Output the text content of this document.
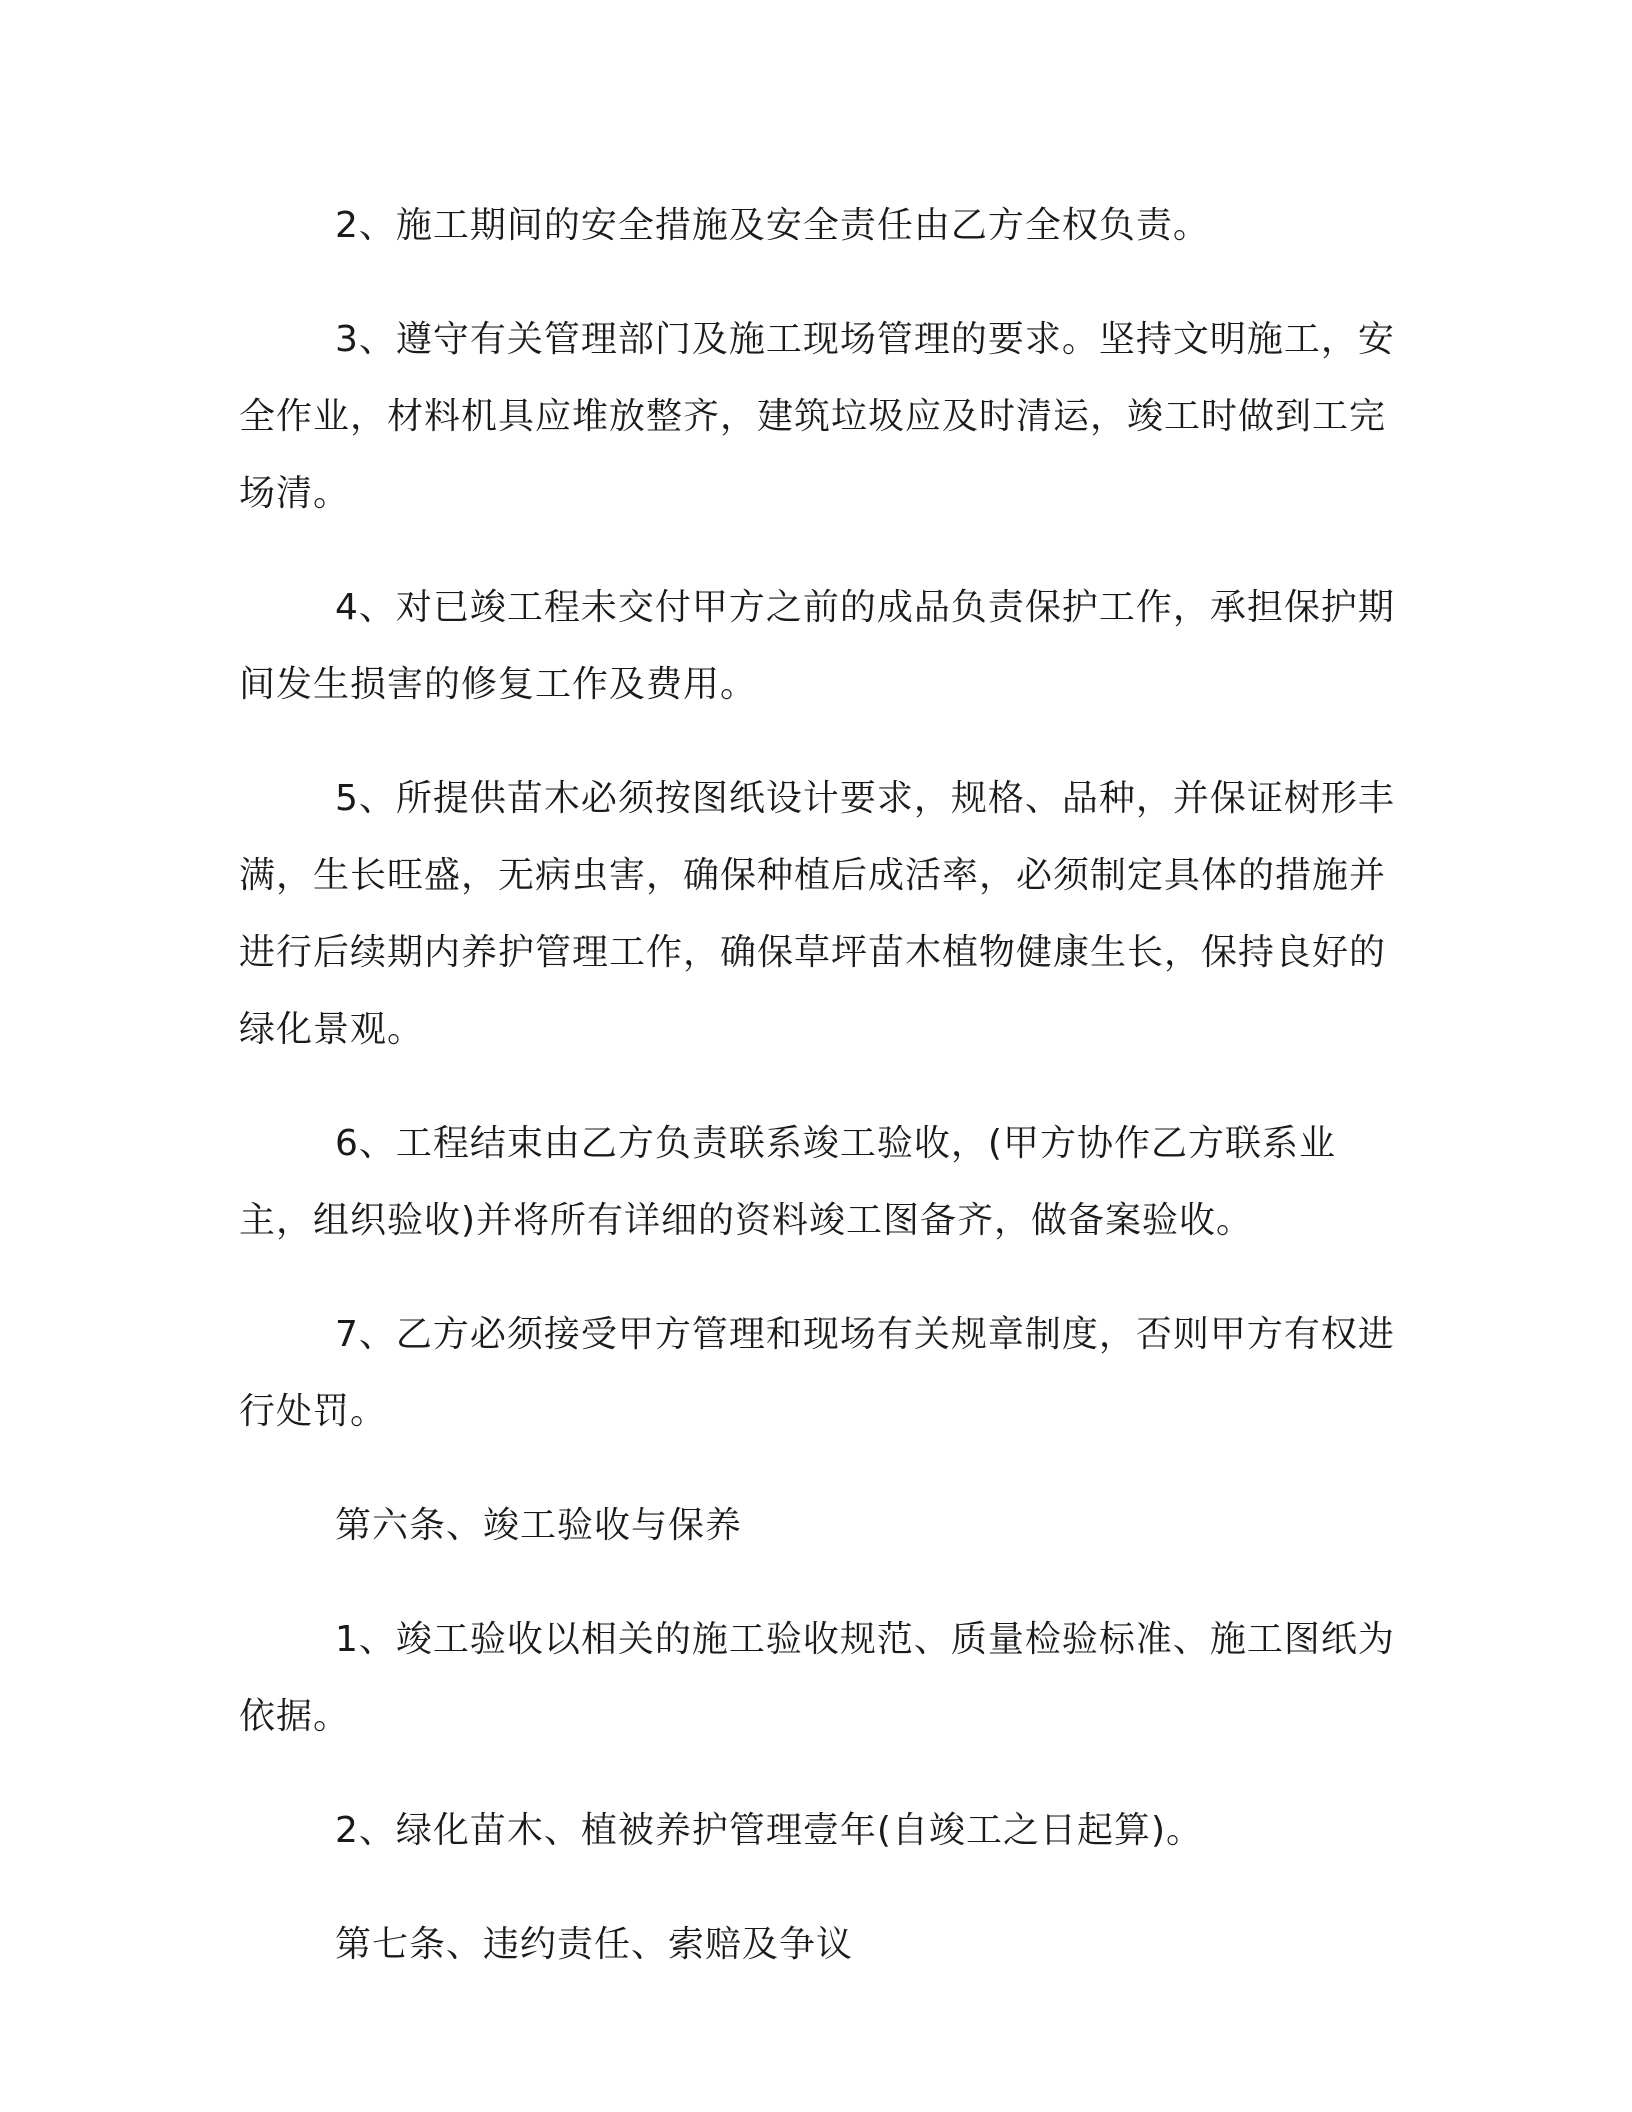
2、施工期间的安全措施及安全责任由乙方全权负责。

3、遵守有关管理部门及施工现场管理的要求。坚持文明施工，安全作业，材料机具应堆放整齐，建筑垃圾应及时清运，竣工时做到工完场清。

4、对已竣工程未交付甲方之前的成品负责保护工作，承担保护期间发生损害的修复工作及费用。

5、所提供苗木必须按图纸设计要求，规格、品种，并保证树形丰满，生长旺盛，无病虫害，确保种植后成活率，必须制定具体的措施并进行后续期内养护管理工作，确保草坪苗木植物健康生长，保持良好的绿化景观。

6、工程结束由乙方负责联系竣工验收，(甲方协作乙方联系业主，组织验收)并将所有详细的资料竣工图备齐，做备案验收。

7、乙方必须接受甲方管理和现场有关规章制度，否则甲方有权进行处罚。

第六条、竣工验收与保养

1、竣工验收以相关的施工验收规范、质量检验标准、施工图纸为依据。

2、绿化苗木、植被养护管理壹年(自竣工之日起算)。

第七条、违约责任、索赔及争议
